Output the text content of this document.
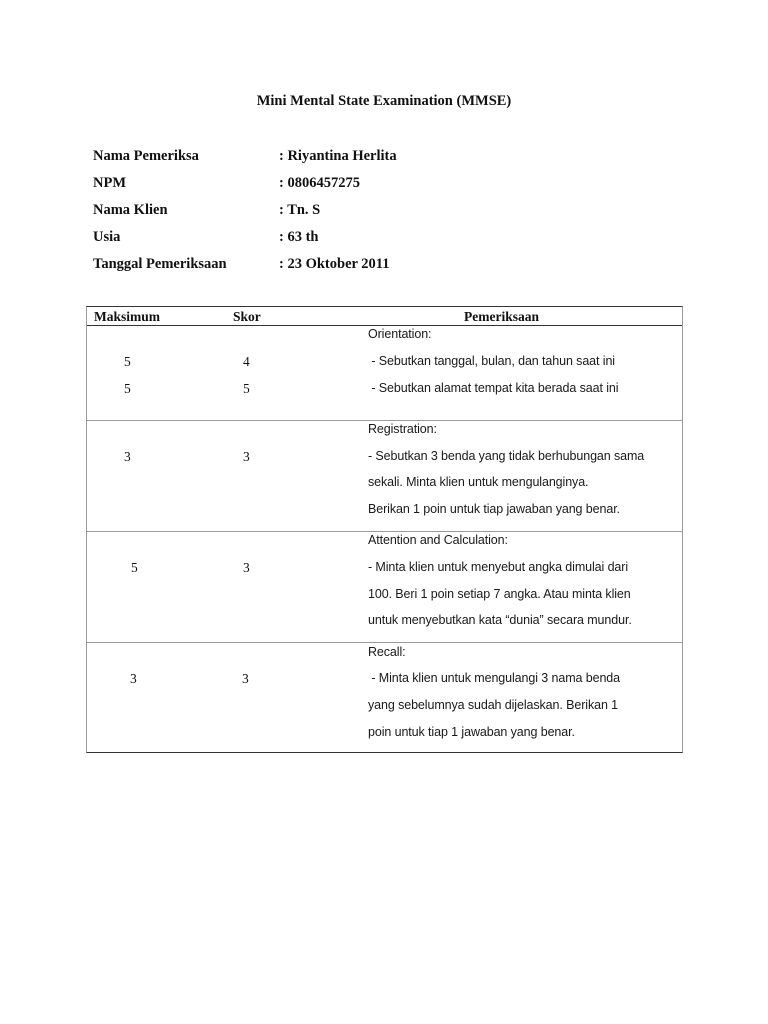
Mini Mental State Examination (MMSE)
Nama Pemeriksa	: Riyantina Herlita
NPM	: 0806457275
Nama Klien	: Tn. S
Usia	: 63 th
Tanggal Pemeriksaan	: 23 Oktober 2011
Maksimum	Skor	Pemeriksaan
Orientation:
5	4	- Sebutkan tanggal, bulan, dan tahun saat ini
5	5	- Sebutkan alamat tempat kita berada saat ini
Registration:
3	3	- Sebutkan 3 benda yang tidak berhubungan sama
sekali. Minta klien untuk mengulanginya.
Berikan 1 poin untuk tiap jawaban yang benar.
Attention and Calculation:
5	3	- Minta klien untuk menyebut angka dimulai dari
100. Beri 1 poin setiap 7 angka. Atau minta klien
untuk menyebutkan kata “dunia” secara mundur.
Recall:
3	3	- Minta klien untuk mengulangi 3 nama benda
yang sebelumnya sudah dijelaskan. Berikan 1
poin untuk tiap 1 jawaban yang benar.
